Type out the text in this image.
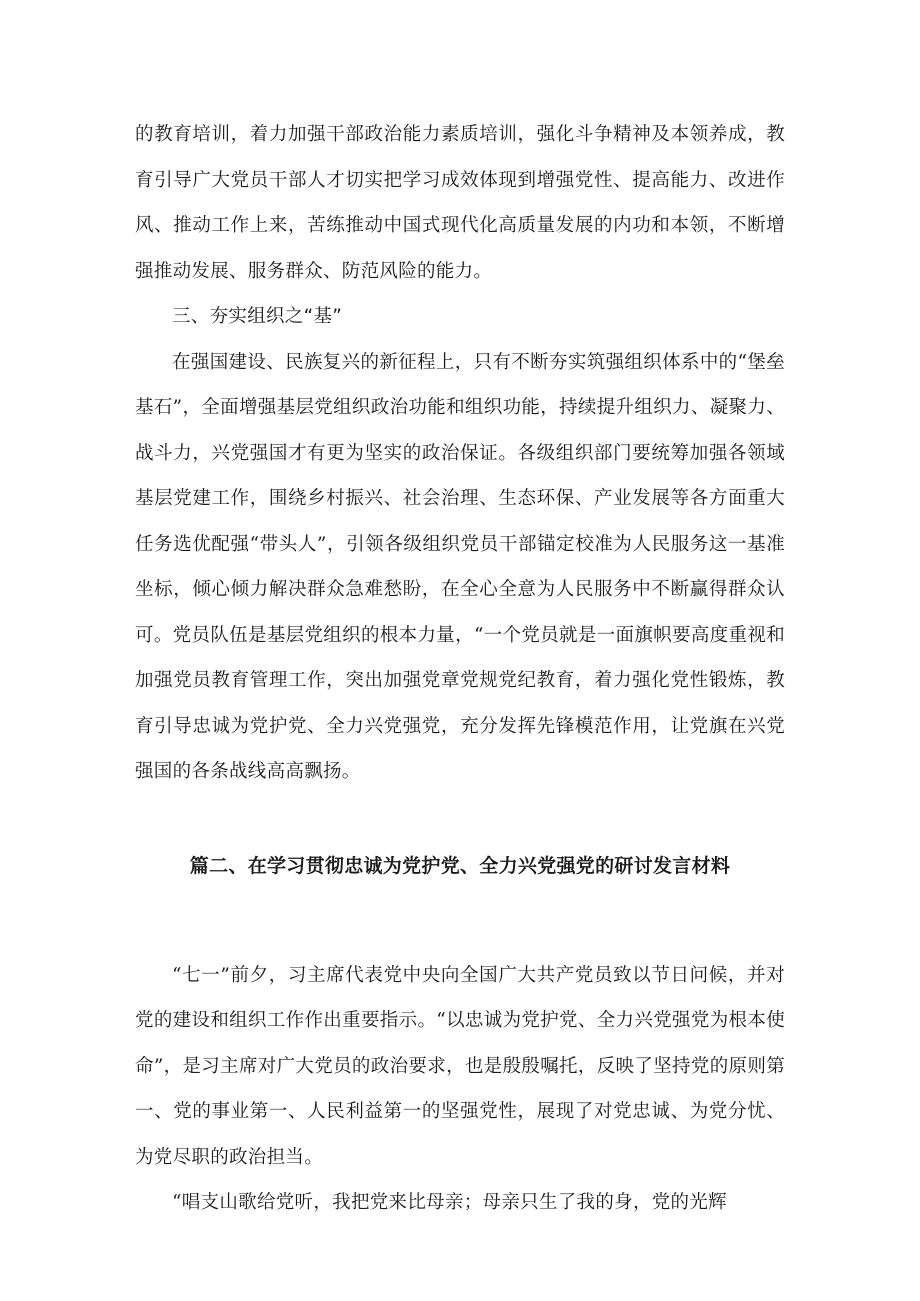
的教育培训，着力加强干部政治能力素质培训，强化斗争精神及本领养成，教育引导广大党员干部人才切实把学习成效体现到增强党性、提高能力、改进作风、推动工作上来，苦练推动中国式现代化高质量发展的内功和本领，不断增强推动发展、服务群众、防范风险的能力。

三、夯实组织之“基”

在强国建设、民族复兴的新征程上，只有不断夯实筑强组织体系中的“堡垒基石”，全面增强基层党组织政治功能和组织功能，持续提升组织力、凝聚力、战斗力，兴党强国才有更为坚实的政治保证。各级组织部门要统筹加强各领域基层党建工作，围绕乡村振兴、社会治理、生态环保、产业发展等各方面重大任务选优配强“带头人”，引领各级组织党员干部锚定校准为人民服务这一基准坐标，倾心倾力解决群众急难愁盼，在全心全意为人民服务中不断赢得群众认可。党员队伍是基层党组织的根本力量，“一个党员就是一面旗帜要高度重视和加强党员教育管理工作，突出加强党章党规党纪教育，着力强化党性锻炼，教育引导忠诚为党护党、全力兴党强党，充分发挥先锋模范作用，让党旗在兴党强国的各条战线高高飘扬。

篇二、在学习贯彻忠诚为党护党、全力兴党强党的研讨发言材料

“七一”前夕，习主席代表党中央向全国广大共产党员致以节日问候，并对党的建设和组织工作作出重要指示。“以忠诚为党护党、全力兴党强党为根本使命”，是习主席对广大党员的政治要求，也是殷殷嘱托，反映了坚持党的原则第一、党的事业第一、人民利益第一的坚强党性，展现了对党忠诚、为党分忧、为党尽职的政治担当。

“唱支山歌给党听，我把党来比母亲；母亲只生了我的身，党的光辉
